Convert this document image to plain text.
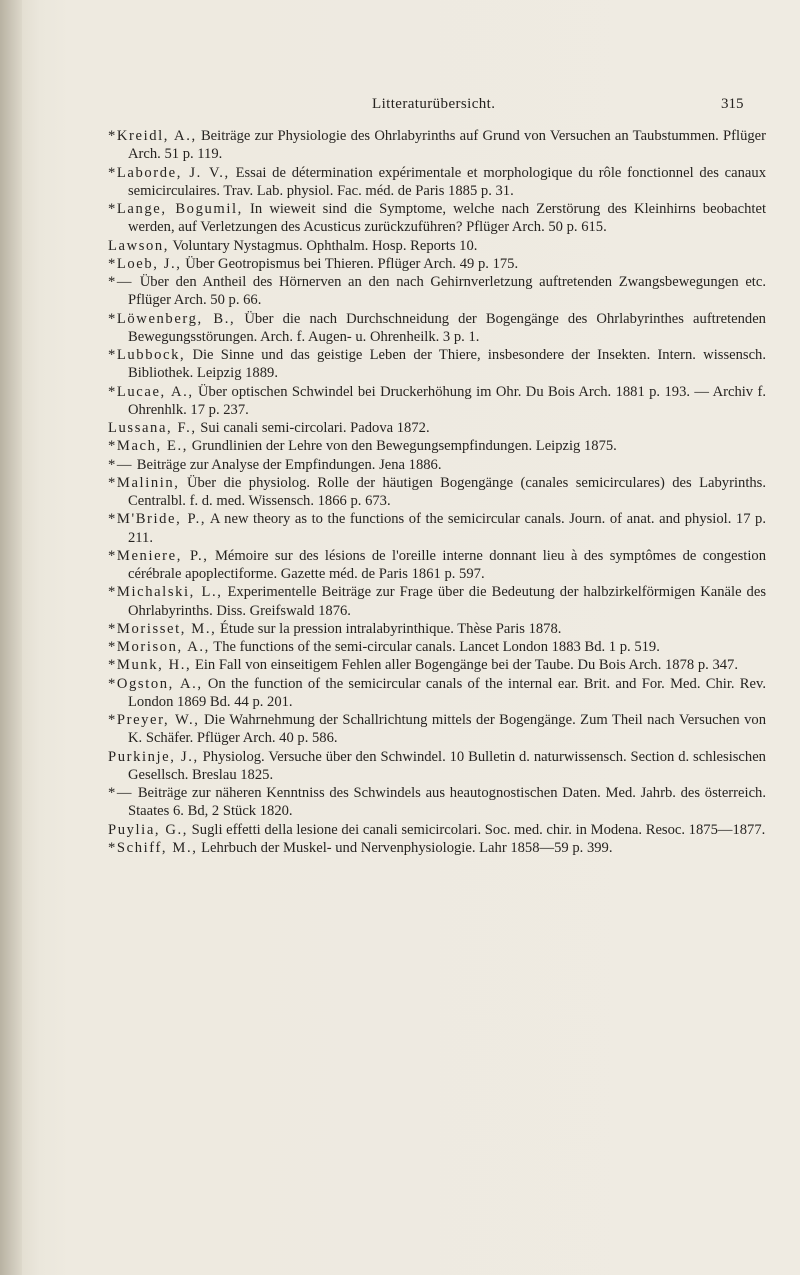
Litteraturübersicht.	315
*Kreidl, A., Beiträge zur Physiologie des Ohrlabyrinths auf Grund von Versuchen an Taubstummen. Pflüger Arch. 51 p. 119.
*Laborde, J. V., Essai de détermination expérimentale et morphologique du rôle fonctionnel des canaux semicirculaires. Trav. Lab. physiol. Fac. méd. de Paris 1885 p. 31.
*Lange, Bogumil, In wieweit sind die Symptome, welche nach Zerstörung des Kleinhirns beobachtet werden, auf Verletzungen des Acusticus zurückzuführen? Pflüger Arch. 50 p. 615.
Lawson, Voluntary Nystagmus. Ophthalm. Hosp. Reports 10.
*Loeb, J., Über Geotropismus bei Thieren. Pflüger Arch. 49 p. 175.
*— Über den Antheil des Hörnerven an den nach Gehirnverletzung auftretenden Zwangsbewegungen etc. Pflüger Arch. 50 p. 66.
*Löwenberg, B., Über die nach Durchschneidung der Bogengänge des Ohrlabyrinthes auftretenden Bewegungsstörungen. Arch. f. Augen- u. Ohrenheilk. 3 p. 1.
*Lubbock, Die Sinne und das geistige Leben der Thiere, insbesondere der Insekten. Intern. wissensch. Bibliothek. Leipzig 1889.
*Lucae, A., Über optischen Schwindel bei Druckerhöhung im Ohr. Du Bois Arch. 1881 p. 193. — Archiv f. Ohrenhlk. 17 p. 237.
Lussana, F., Sui canali semi-circolari. Padova 1872.
*Mach, E., Grundlinien der Lehre von den Bewegungsempfindungen. Leipzig 1875.
*— Beiträge zur Analyse der Empfindungen. Jena 1886.
*Malinin, Über die physiolog. Rolle der häutigen Bogengänge (canales semicirculares) des Labyrinths. Centralbl. f. d. med. Wissensch. 1866 p. 673.
*M'Bride, P., A new theory as to the functions of the semicircular canals. Journ. of anat. and physiol. 17 p. 211.
*Meniere, P., Mémoire sur des lésions de l'oreille interne donnant lieu à des symptômes de congestion cérébrale apoplectiforme. Gazette méd. de Paris 1861 p. 597.
*Michalski, L., Experimentelle Beiträge zur Frage über die Bedeutung der halbzirkelförmigen Kanäle des Ohrlabyrinths. Diss. Greifswald 1876.
*Morisset, M., Étude sur la pression intralabyrinthique. Thèse Paris 1878.
*Morison, A., The functions of the semi-circular canals. Lancet London 1883 Bd. 1 p. 519.
*Munk, H., Ein Fall von einseitigem Fehlen aller Bogengänge bei der Taube. Du Bois Arch. 1878 p. 347.
*Ogston, A., On the function of the semicircular canals of the internal ear. Brit. and For. Med. Chir. Rev. London 1869 Bd. 44 p. 201.
*Preyer, W., Die Wahrnehmung der Schallrichtung mittels der Bogengänge. Zum Theil nach Versuchen von K. Schäfer. Pflüger Arch. 40 p. 586.
Purkinje, J., Physiolog. Versuche über den Schwindel. 10 Bulletin d. naturwissensch. Section d. schlesischen Gesellsch. Breslau 1825.
*— Beiträge zur näheren Kenntniss des Schwindels aus heautognostischen Daten. Med. Jahrb. des österreich. Staates 6. Bd, 2 Stück 1820.
Puylia, G., Sugli effetti della lesione dei canali semicircolari. Soc. med. chir. in Modena. Resoc. 1875—1877.
*Schiff, M., Lehrbuch der Muskel- und Nervenphysiologie. Lahr 1858—59 p. 399.
